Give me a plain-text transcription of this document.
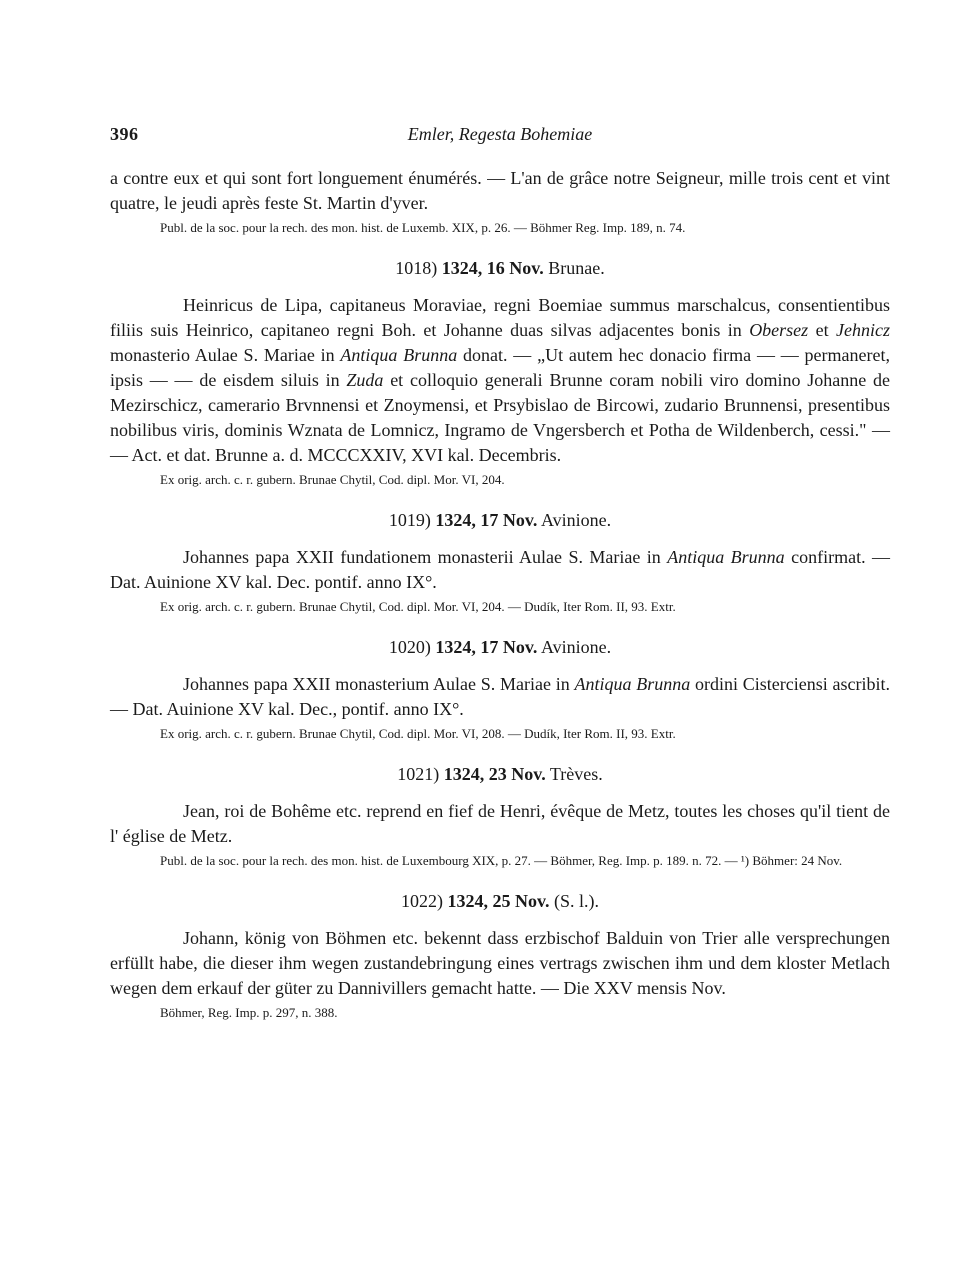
396	Emler, Regesta Bohemiae

a contre eux et qui sont fort longuement énumérés. — L'an de grâce notre Seigneur, mille trois cent et vint quatre, le jeudi après feste St. Martin d'yver.

Publ. de la soc. pour la rech. des mon. hist. de Luxemb. XIX, p. 26. — Böhmer Reg. Imp. 189, n. 74.

1018) 1324, 16 Nov. Brunae.

Heinricus de Lipa, capitaneus Moraviae, regni Boemiae summus marschalcus, consentientibus filiis suis Heinrico, capitaneo regni Boh. et Johanne duas silvas adjacentes bonis in Obersez et Jehnicz monasterio Aulae S. Mariae in Antiqua Brunna donat. — „Ut autem hec donacio firma — — permaneret, ipsis — — de eisdem siluis in Zuda et colloquio generali Brunne coram nobili viro domino Johanne de Mezirschicz, camerario Brvnnensi et Znoymensi, et Prsybislao de Bircowi, zudario Brunnensi, presentibus nobilibus viris, dominis Wznata de Lomnicz, Ingramo de Vngersberch et Potha de Wildenberch, cessi." — — Act. et dat. Brunne a. d. MCCCXXIV, XVI kal. Decembris.

Ex orig. arch. c. r. gubern. Brunae Chytil, Cod. dipl. Mor. VI, 204.

1019) 1324, 17 Nov. Avinione.

Johannes papa XXII fundationem monasterii Aulae S. Mariae in Antiqua Brunna confirmat. — Dat. Auinione XV kal. Dec. pontif. anno IX°.

Ex orig. arch. c. r. gubern. Brunae Chytil, Cod. dipl. Mor. VI, 204. — Dudík, Iter Rom. II, 93. Extr.

1020) 1324, 17 Nov. Avinione.

Johannes papa XXII monasterium Aulae S. Mariae in Antiqua Brunna ordini Cisterciensi ascribit. — Dat. Auinione XV kal. Dec., pontif. anno IX°.

Ex orig. arch. c. r. gubern. Brunae Chytil, Cod. dipl. Mor. VI, 208. — Dudík, Iter Rom. II, 93. Extr.

1021) 1324, 23 Nov. Trèves.

Jean, roi de Bohême etc. reprend en fief de Henri, évêque de Metz, toutes les choses qu'il tient de l' église de Metz.

Publ. de la soc. pour la rech. des mon. hist. de Luxembourg XIX, p. 27. — Böhmer, Reg. Imp. p. 189. n. 72. — ¹) Böhmer: 24 Nov.

1022) 1324, 25 Nov. (S. l.).

Johann, könig von Böhmen etc. bekennt dass erzbischof Balduin von Trier alle versprechungen erfüllt habe, die dieser ihm wegen zustandebringung eines vertrags zwischen ihm und dem kloster Metlach wegen dem erkauf der güter zu Dannivillers gemacht hatte. — Die XXV mensis Nov.

Böhmer, Reg. Imp. p. 297, n. 388.
